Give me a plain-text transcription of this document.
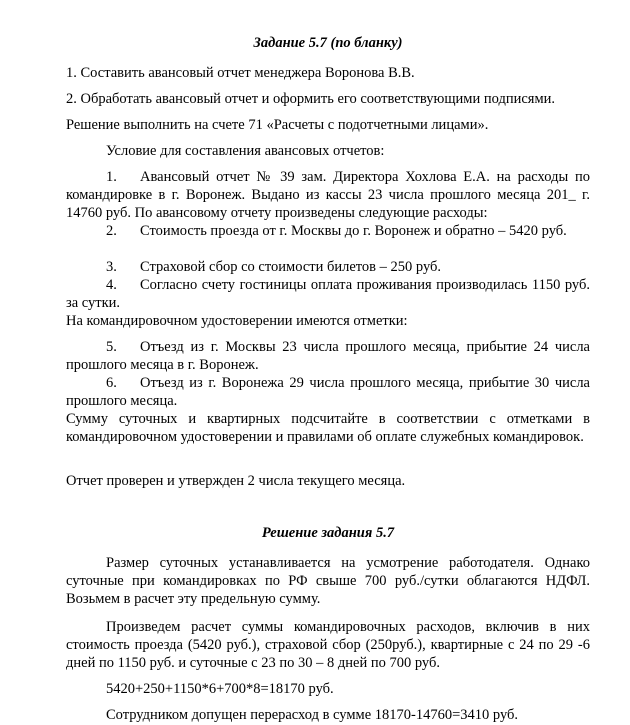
Задание 5.7 (по бланку)
1. Составить авансовый отчет менеджера Воронова В.В.
2. Обработать авансовый отчет и оформить его соответствующими подписями.
Решение выполнить на счете 71 «Расчеты с подотчетными лицами».
Условие для составления авансовых отчетов:
1. Авансовый отчет № 39 зам. Директора Хохлова Е.А. на расходы по командировке в г. Воронеж. Выдано из кассы 23 числа прошлого месяца 201_ г. 14760 руб. По авансовому отчету произведены следующие расходы:
2. Стоимость проезда от г. Москвы до г. Воронеж и обратно – 5420 руб.
3. Страховой сбор со стоимости билетов – 250 руб.
4. Согласно счету гостиницы оплата проживания производилась 1150 руб. за сутки.
На командировочном удостоверении имеются отметки:
5. Отъезд из г. Москвы 23 числа прошлого месяца, прибытие 24 числа прошлого месяца в г. Воронеж.
6. Отъезд из г. Воронежа 29 числа прошлого месяца, прибытие 30 числа прошлого месяца.
Сумму суточных и квартирных подсчитайте в соответствии с отметками в командировочном удостоверении и правилами об оплате служебных командировок.
Отчет проверен и утвержден 2 числа текущего месяца.
Решение задания 5.7
Размер суточных устанавливается на усмотрение работодателя. Однако суточные при командировках по РФ свыше 700 руб./сутки облагаются НДФЛ. Возьмем в расчет эту предельную сумму.
Произведем расчет суммы командировочных расходов, включив в них стоимость проезда (5420 руб.), страховой сбор (250руб.), квартирные с 24 по 29 -6 дней по 1150 руб. и суточные с 23 по 30 – 8 дней по 700 руб.
5420+250+1150*6+700*8=18170 руб.
Сотрудником допущен перерасход в сумме 18170-14760=3410 руб.
